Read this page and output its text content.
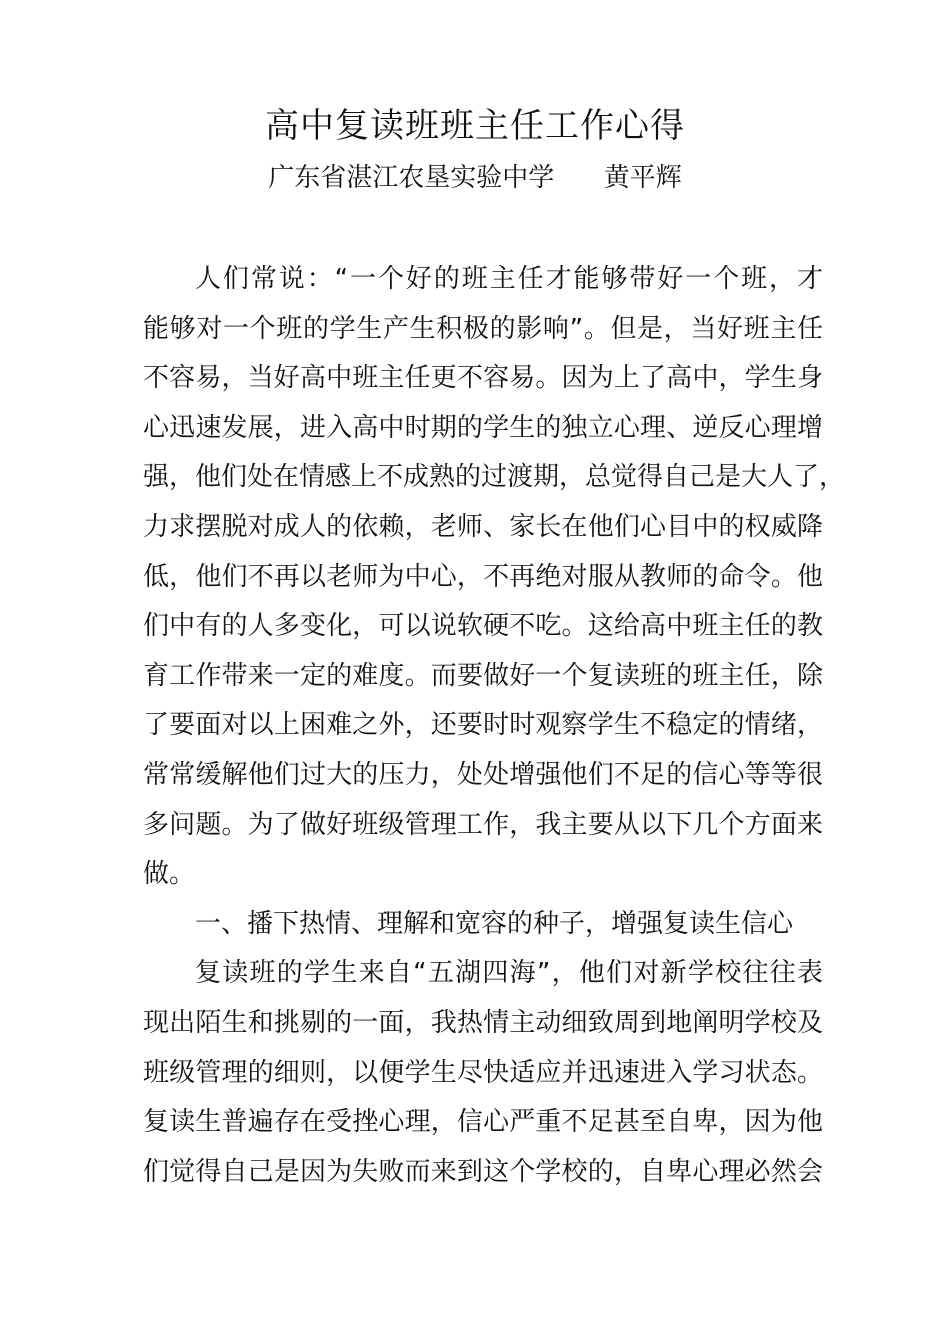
高中复读班班主任工作心得
广东省湛江农垦实验中学      黄平辉
人们常说：“一个好的班主任才能够带好一个班，才
能够对一个班的学生产生积极的影响”。但是，当好班主任
不容易，当好高中班主任更不容易。因为上了高中，学生身
心迅速发展，进入高中时期的学生的独立心理、逆反心理增
强，他们处在情感上不成熟的过渡期，总觉得自己是大人了，
力求摆脱对成人的依赖，老师、家长在他们心目中的权威降
低，他们不再以老师为中心，不再绝对服从教师的命令。他
们中有的人多变化，可以说软硬不吃。这给高中班主任的教
育工作带来一定的难度。而要做好一个复读班的班主任，除
了要面对以上困难之外，还要时时观察学生不稳定的情绪，
常常缓解他们过大的压力，处处增强他们不足的信心等等很
多问题。为了做好班级管理工作，我主要从以下几个方面来
做。
一、播下热情、理解和宽容的种子，增强复读生信心
复读班的学生来自“五湖四海”，他们对新学校往往表
现出陌生和挑剔的一面，我热情主动细致周到地阐明学校及
班级管理的细则，以便学生尽快适应并迅速进入学习状态。
复读生普遍存在受挫心理，信心严重不足甚至自卑，因为他
们觉得自己是因为失败而来到这个学校的，自卑心理必然会
